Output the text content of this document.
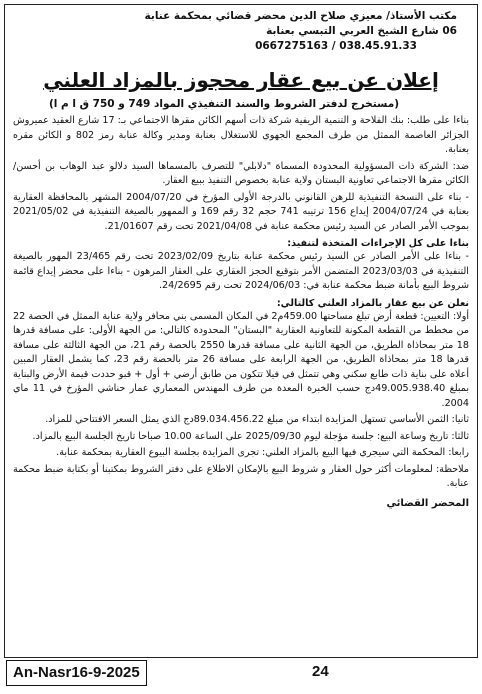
مكتب الأستاذ/ معيزي صلاح الدين محضر قضائي بمحكمة عنابة
06 شارع الشيخ العربي التبسي بعنابة
0667275163 / 038.45.91.33
إعلان عن بيع عقار محجوز بالمزاد العلني
(مستخرج لدفتر الشروط والسند التنفيذي المواد 749 و 750 ق ا م ا)

بناءا على طلب: بنك الفلاحة و التنمية الريفية شركة ذات أسهم الكائن مقرها الاجتماعي بـ: 17 شارع العقيد عميروش الجزائر العاصمة الممثل من طرف المجمع الجهوي للاستغلال بعنابة ومدير وكالة عنابة رمز 802 و الكائن مقره بعنابة.

ضد: الشركة ذات المسؤولية المحدودة المسماة "دلابلي" للتصرف بالمسماها السيد دلالو عبد الوهاب بن أحسن/ الكائن مقرها الاجتماعي تعاونية البستان ولاية عنابة بخصوص التنفيذ ببيع العقار.

- بناء على النسخة التنفيذية للرهن القانوني بالدرجة الأولى المؤرخ في 2004/07/20 المشهر بالمحافظة العقارية بعنابة في 2004/07/24 إيداع 156 ترتيبه 741 حجم 32 رقم 169 و الممهور بالصيغة التنفيذية في 2021/05/02 بموجب الأمر الصادر عن السيد رئيس محكمة عنابة في 2021/04/08 تحت رقم 21/01607.

بناءا على كل الإجراءات المتخذة لتنفيذ:

- بناءا على الأمر الصادر عن السيد رئيس محكمة عنابة بتاريخ 2023/02/09 تحت رقم 23/465 المهور بالصيغة التنفيذية في 2023/03/03 المتضمن الأمر بتوقيع الحجز العقاري على العقار المرهون - بناءا على محضر إيداع قائمة شروط البيع بأمانة ضبط محكمة عنابة في: 2024/06/03 تحت رقم 24/2695.

نعلن عن بيع عقار بالمزاد العلني كالتالي:

أولا: التعيين: قطعة أرض تبلغ مساحتها 459.00م2 في المكان المسمى بني محافر ولاية عنابة الممثل في الحصة 22 من مخطط من القطعة المكونة للتعاونية العقارية "البستان" المحدودة كالتالي: من الجهة الأولى: على مسافة قدرها 18 متر بمحاذاة الطريق، من الجهة الثانية على مسافة قدرها 2550 بالحصة رقم 21، من الجهة الثالثة على مسافة قدرها 18 متر بمحاذاة الطريق، من الجهة الرابعة على مسافة 26 متر بالحصة رقم 23، كما يشمل العقار المبين أعلاه على بناية ذات طابع سكني وهي تتمثل في فيلا تتكون من طابق أرضي + أول + قبو حددت قيمة الأرض والبناية بمبلغ 49.005.938.40دج حسب الخبرة المعدة من طرف المهندس المعماري عمار حناشي المؤرخ في 11 ماي 2004.

ثانيا: الثمن الأساسي تستهل المزايدة ابتداء من مبلغ 89.034.456.22دج الذي يمثل السعر الافتتاحي للمزاد.

ثالثا: تاريخ وساعة البيع: جلسة مؤجلة ليوم 2025/09/30 على الساعة 10.00 صباحا تاريخ الجلسة البيع بالمزاد.

رابعا: المحكمة التي سيجري فيها البيع بالمزاد العلني: تجرى المزايدة بجلسة البيوع العقارية بمحكمة عنابة.

ملاحظة: لمعلومات أكثر حول العقار و شروط البيع بالإمكان الاطلاع على دفتر الشروط بمكتبنا أو بكتابة ضبط محكمة عنابة.

المحضر القضائي
An-Nasr16-9-2025	24
